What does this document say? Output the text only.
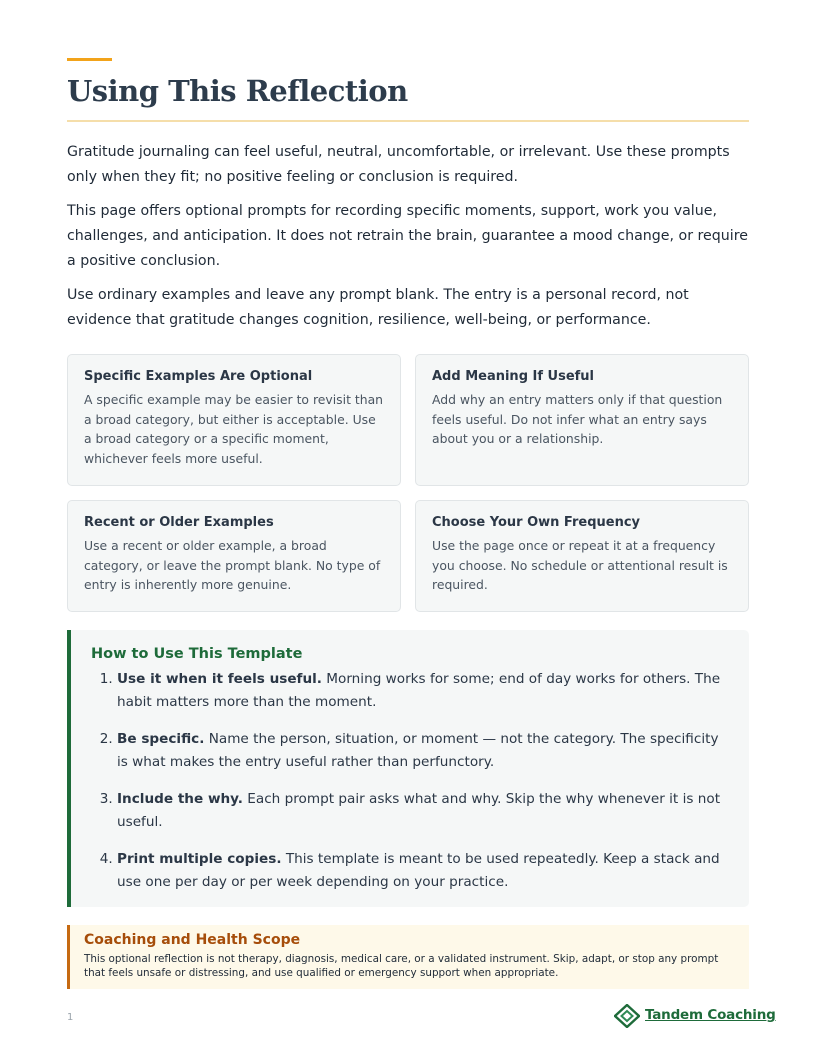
Using This Reflection

Gratitude journaling can feel useful, neutral, uncomfortable, or irrelevant. Use these prompts only when they fit; no positive feeling or conclusion is required.

This page offers optional prompts for recording specific moments, support, work you value, challenges, and anticipation. It does not retrain the brain, guarantee a mood change, or require a positive conclusion.

Use ordinary examples and leave any prompt blank. The entry is a personal record, not evidence that gratitude changes cognition, resilience, well-being, or performance.

Specific Examples Are Optional

A specific example may be easier to revisit than a broad category, but either is acceptable. Use a broad category or a specific moment, whichever feels more useful.

Add Meaning If Useful

Add why an entry matters only if that question feels useful. Do not infer what an entry says about you or a relationship.

Recent or Older Examples

Use a recent or older example, a broad category, or leave the prompt blank. No type of entry is inherently more genuine.

Choose Your Own Frequency

Use the page once or repeat it at a frequency you choose. No schedule or attentional result is required.

How to Use This Template
1. Use it when it feels useful. Morning works for some; end of day works for others. The habit matters more than the moment.
2. Be specific. Name the person, situation, or moment — not the category. The specificity is what makes the entry useful rather than perfunctory.
3. Include the why. Each prompt pair asks what and why. Skip the why whenever it is not useful.
4. Print multiple copies. This template is meant to be used repeatedly. Keep a stack and use one per day or per week depending on your practice.
Coaching and Health Scope

This optional reflection is not therapy, diagnosis, medical care, or a validated instrument. Skip, adapt, or stop any prompt that feels unsafe or distressing, and use qualified or emergency support when appropriate.

1	Tandem Coaching
